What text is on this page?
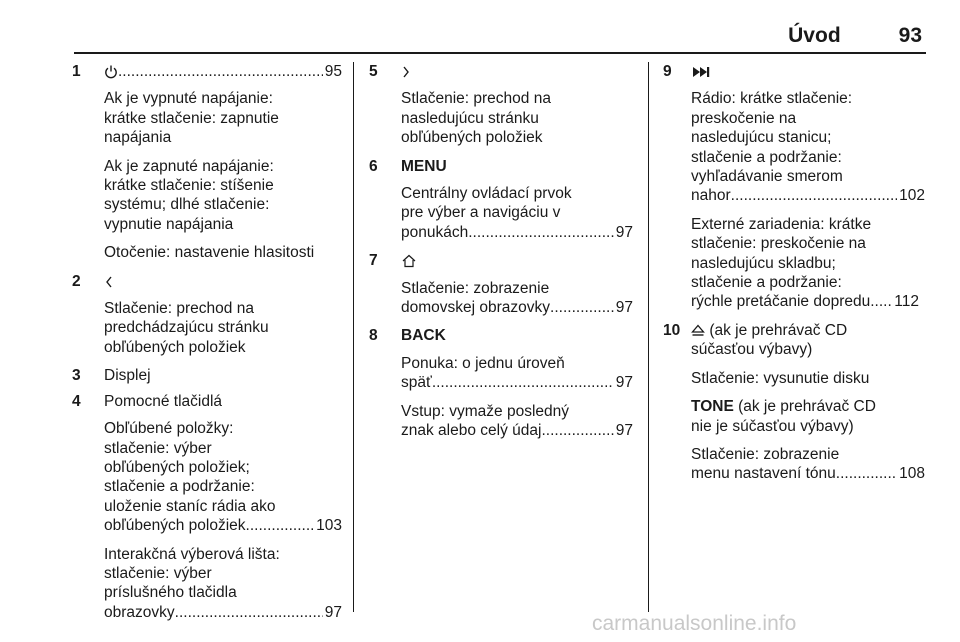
Úvod	93
1 .....	95
Ak je vypnuté napájanie:
krátke stlačenie: zapnutie
napájania
Ak je zapnuté napájanie:
krátke stlačenie: stíšenie
systému; dlhé stlačenie:
vypnutie napájania
Otočenie: nastavenie hlasitosti
2
Stlačenie: prechod na
predchádzajúcu stránku
obľúbených položiek
3 Displej
4 Pomocné tlačidlá
Obľúbené položky:
stlačenie: výber
obľúbených položiek;
stlačenie a podržanie:
uloženie staníc rádia ako
obľúbených položiek .....	103
Interakčná výberová lišta:
stlačenie: výber
príslušného tlačidla
obrazovky .....	97
5
Stlačenie: prechod na
nasledujúcu stránku
obľúbených položiek
6 MENU
Centrálny ovládací prvok
pre výber a navigáciu v
ponukách .....	97
7
Stlačenie: zobrazenie
domovskej obrazovky .....	97
8 BACK
Ponuka: o jednu úroveň
späť .....	97
Vstup: vymaže posledný
znak alebo celý údaj .....	97
9
Rádio: krátke stlačenie:
preskočenie na
nasledujúcu stanicu;
stlačenie a podržanie:
vyhľadávanie smerom
nahor .....	102
Externé zariadenia: krátke
stlačenie: preskočenie na
nasledujúcu skladbu;
stlačenie a podržanie:
rýchle pretáčanie dopredu ..... 112
10	(ak je prehrávač CD
súčasťou výbavy)
Stlačenie: vysunutie disku
TONE (ak je prehrávač CD
nie je súčasťou výbavy)
Stlačenie: zobrazenie
menu nastavení tónu .....	108
carmanualsonline.info
